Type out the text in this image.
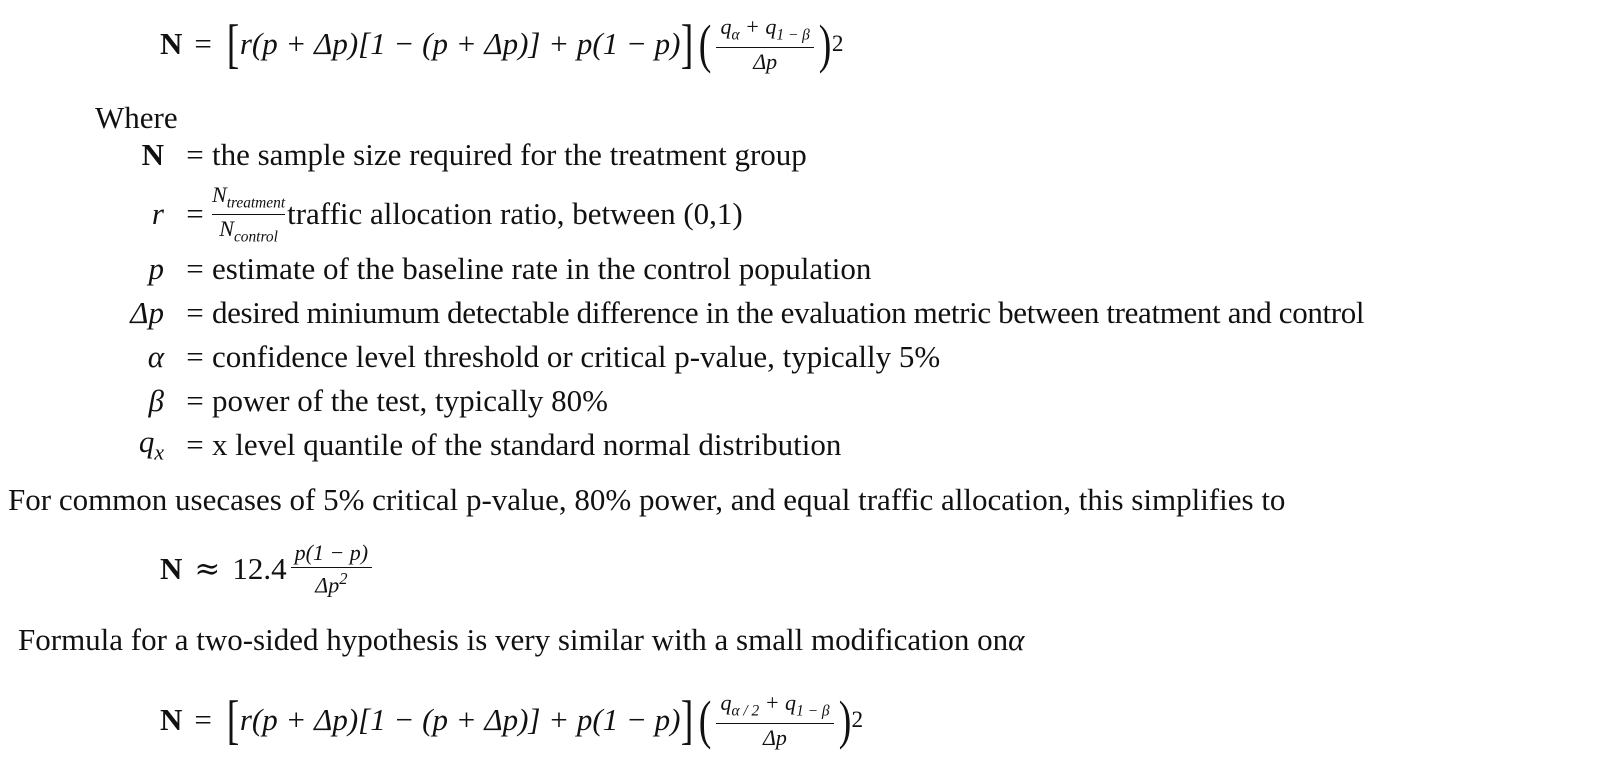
N = [ r(p + Δp)[1 − (p + Δp)] + p(1 − p) ] ( $\frac{q_\alpha + q_{1 - \beta}}{\Delta p}$ ) 2
Where
N = the sample size required for the treatment group
$r = \frac{N_{treatment}}{N_{control}}$ traffic allocation ratio, between (0,1)
p = estimate of the baseline rate in the control population
Δp = desired miniumum detectable difference in the evaluation metric between treatment and control
α = confidence level threshold or critical p-value, typically 5%
β = power of the test, typically 80%
$q_x = x$ level quantile of the standard normal distribution
For common usecases of 5% critical p-value, 80% power, and equal traffic allocation, this simplifies to
$N \approx 12.4 \frac{p(1 - p)}{\Delta p^2}$
Formula for a two-sided hypothesis is very similar with a small modification onα
N = [ r(p + Δp)[1 − (p + Δp)] + p(1 − p) ] ( $\frac{q_{\alpha / 2} + q_{1 - \beta}}{\Delta p}$ ) 2
